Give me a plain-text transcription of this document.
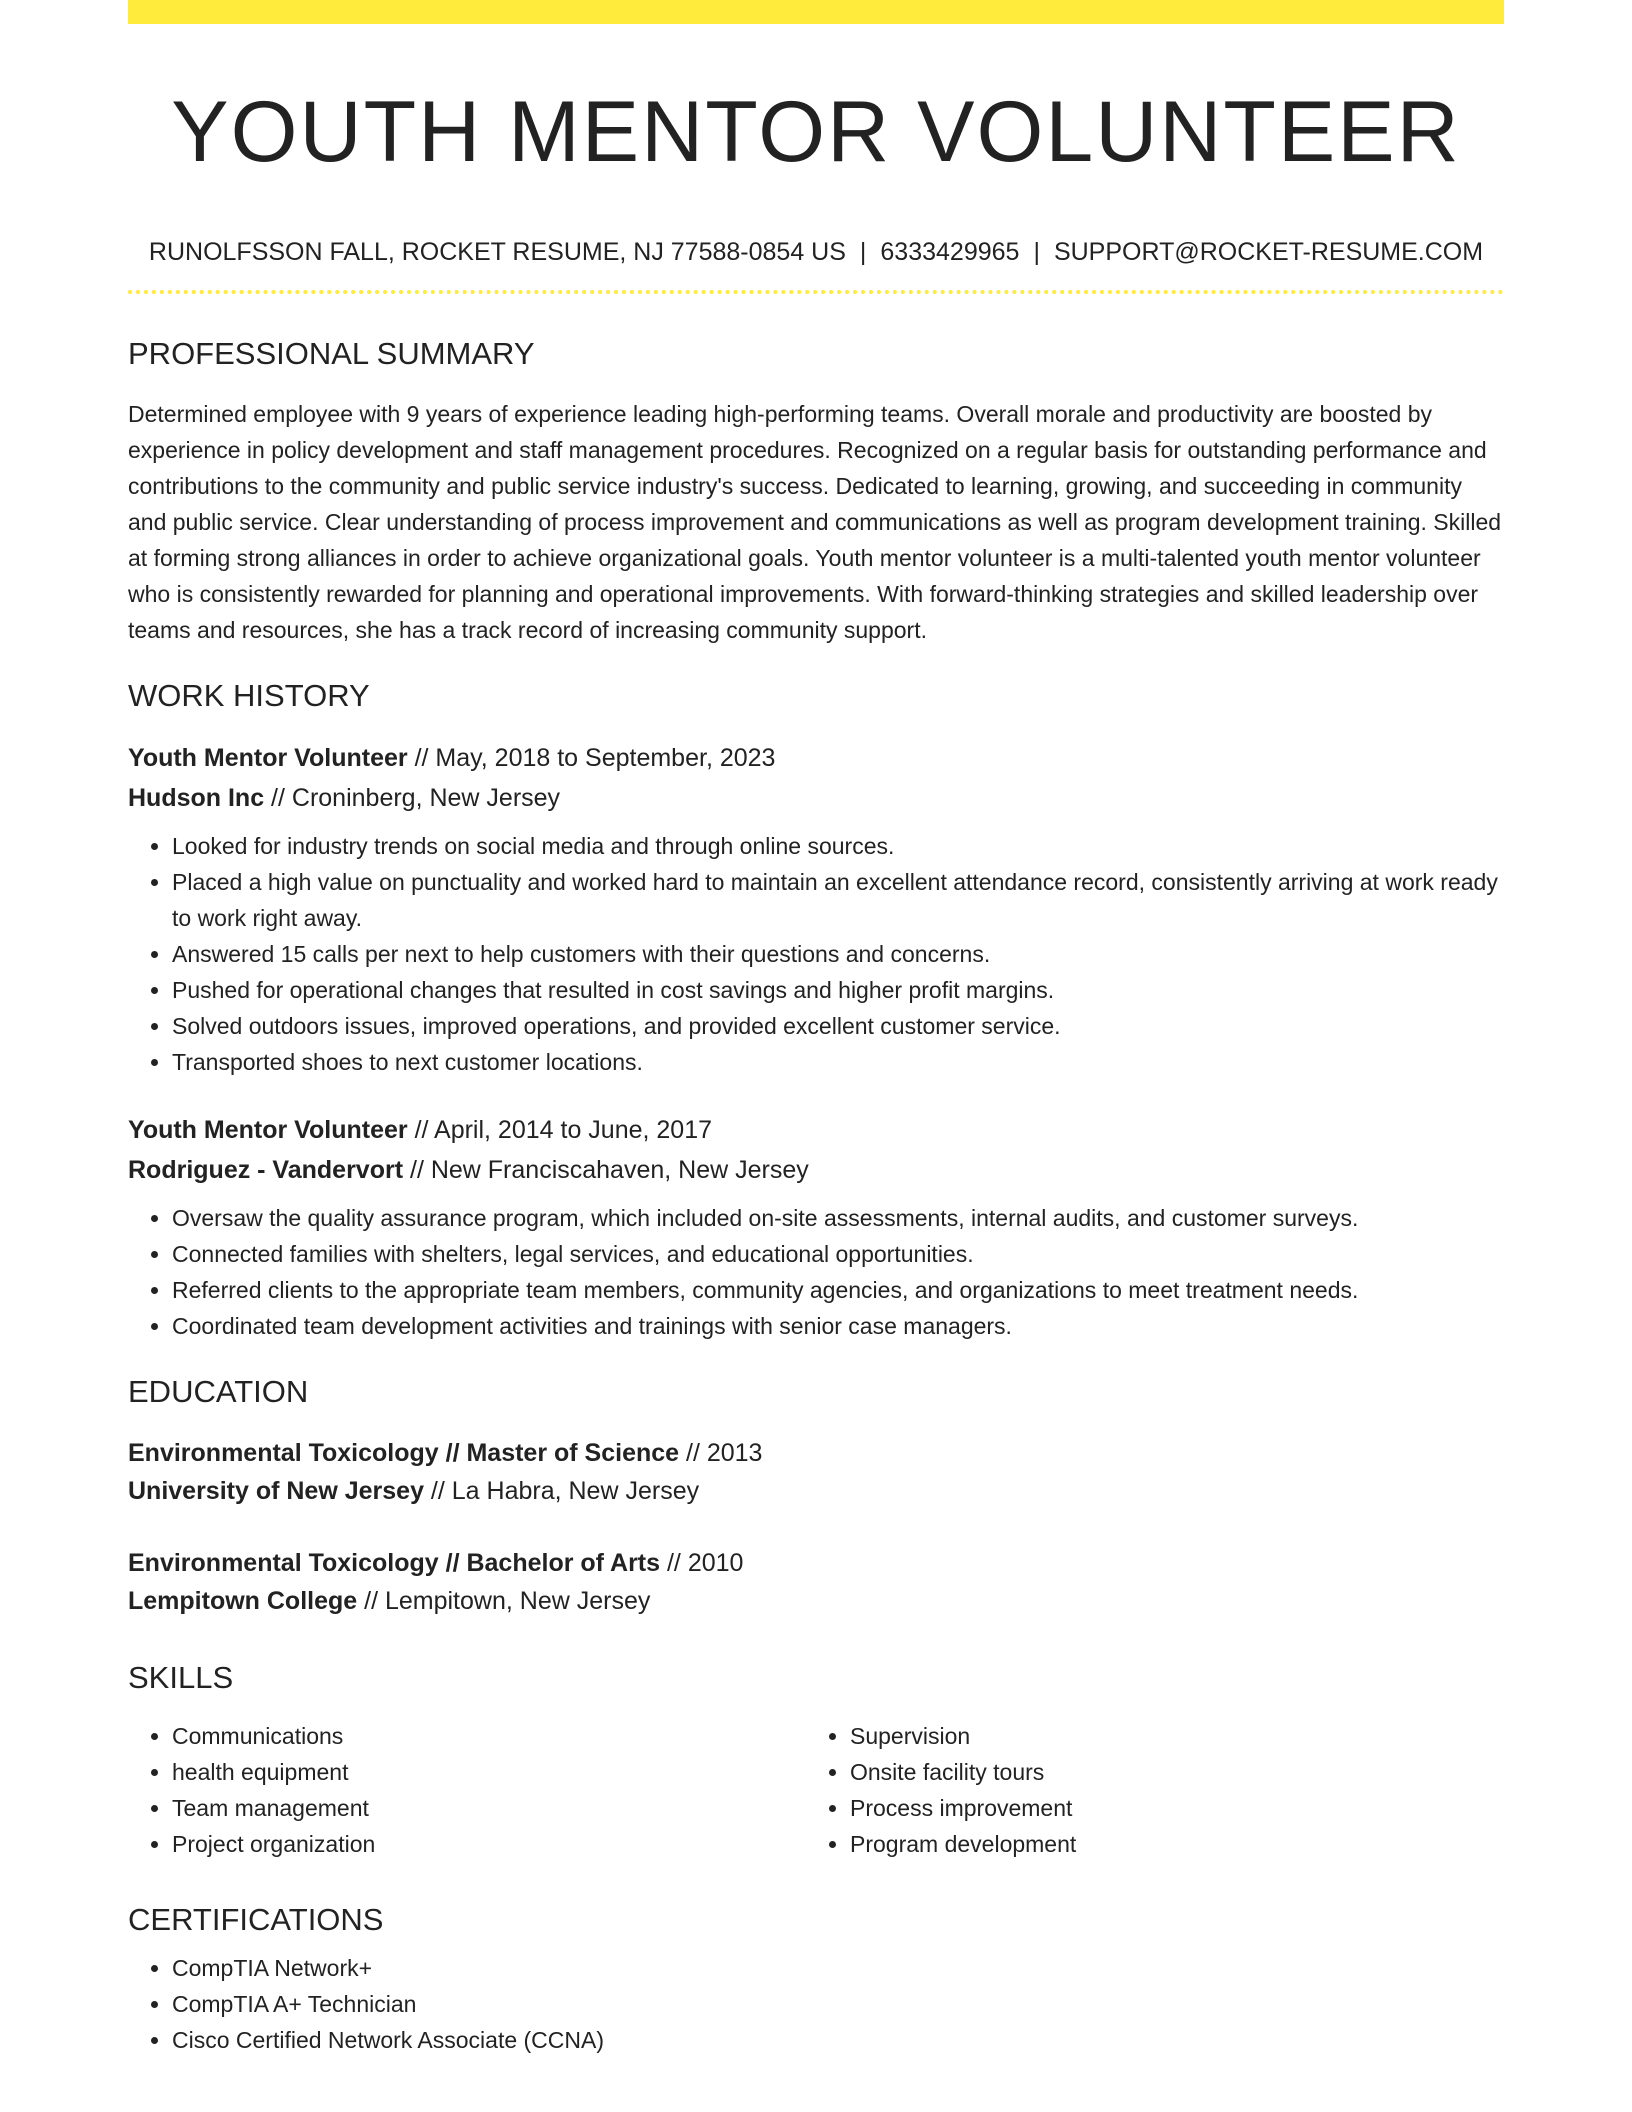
YOUTH MENTOR VOLUNTEER
RUNOLFSSON FALL, ROCKET RESUME, NJ 77588-0854 US | 6333429965 | SUPPORT@ROCKET-RESUME.COM
PROFESSIONAL SUMMARY
Determined employee with 9 years of experience leading high-performing teams. Overall morale and productivity are boosted by experience in policy development and staff management procedures. Recognized on a regular basis for outstanding performance and contributions to the community and public service industry's success. Dedicated to learning, growing, and succeeding in community and public service. Clear understanding of process improvement and communications as well as program development training. Skilled at forming strong alliances in order to achieve organizational goals. Youth mentor volunteer is a multi-talented youth mentor volunteer who is consistently rewarded for planning and operational improvements. With forward-thinking strategies and skilled leadership over teams and resources, she has a track record of increasing community support.
WORK HISTORY
Youth Mentor Volunteer // May, 2018 to September, 2023
Hudson Inc // Croninberg, New Jersey
• Looked for industry trends on social media and through online sources.
• Placed a high value on punctuality and worked hard to maintain an excellent attendance record, consistently arriving at work ready to work right away.
• Answered 15 calls per next to help customers with their questions and concerns.
• Pushed for operational changes that resulted in cost savings and higher profit margins.
• Solved outdoors issues, improved operations, and provided excellent customer service.
• Transported shoes to next customer locations.
Youth Mentor Volunteer // April, 2014 to June, 2017
Rodriguez - Vandervort // New Franciscahaven, New Jersey
• Oversaw the quality assurance program, which included on-site assessments, internal audits, and customer surveys.
• Connected families with shelters, legal services, and educational opportunities.
• Referred clients to the appropriate team members, community agencies, and organizations to meet treatment needs.
• Coordinated team development activities and trainings with senior case managers.
EDUCATION
Environmental Toxicology // Master of Science // 2013
University of New Jersey // La Habra, New Jersey
Environmental Toxicology // Bachelor of Arts // 2010
Lempitown College // Lempitown, New Jersey
SKILLS
• Communications
• health equipment
• Team management
• Project organization
• Supervision
• Onsite facility tours
• Process improvement
• Program development
CERTIFICATIONS
• CompTIA Network+
• CompTIA A+ Technician
• Cisco Certified Network Associate (CCNA)
